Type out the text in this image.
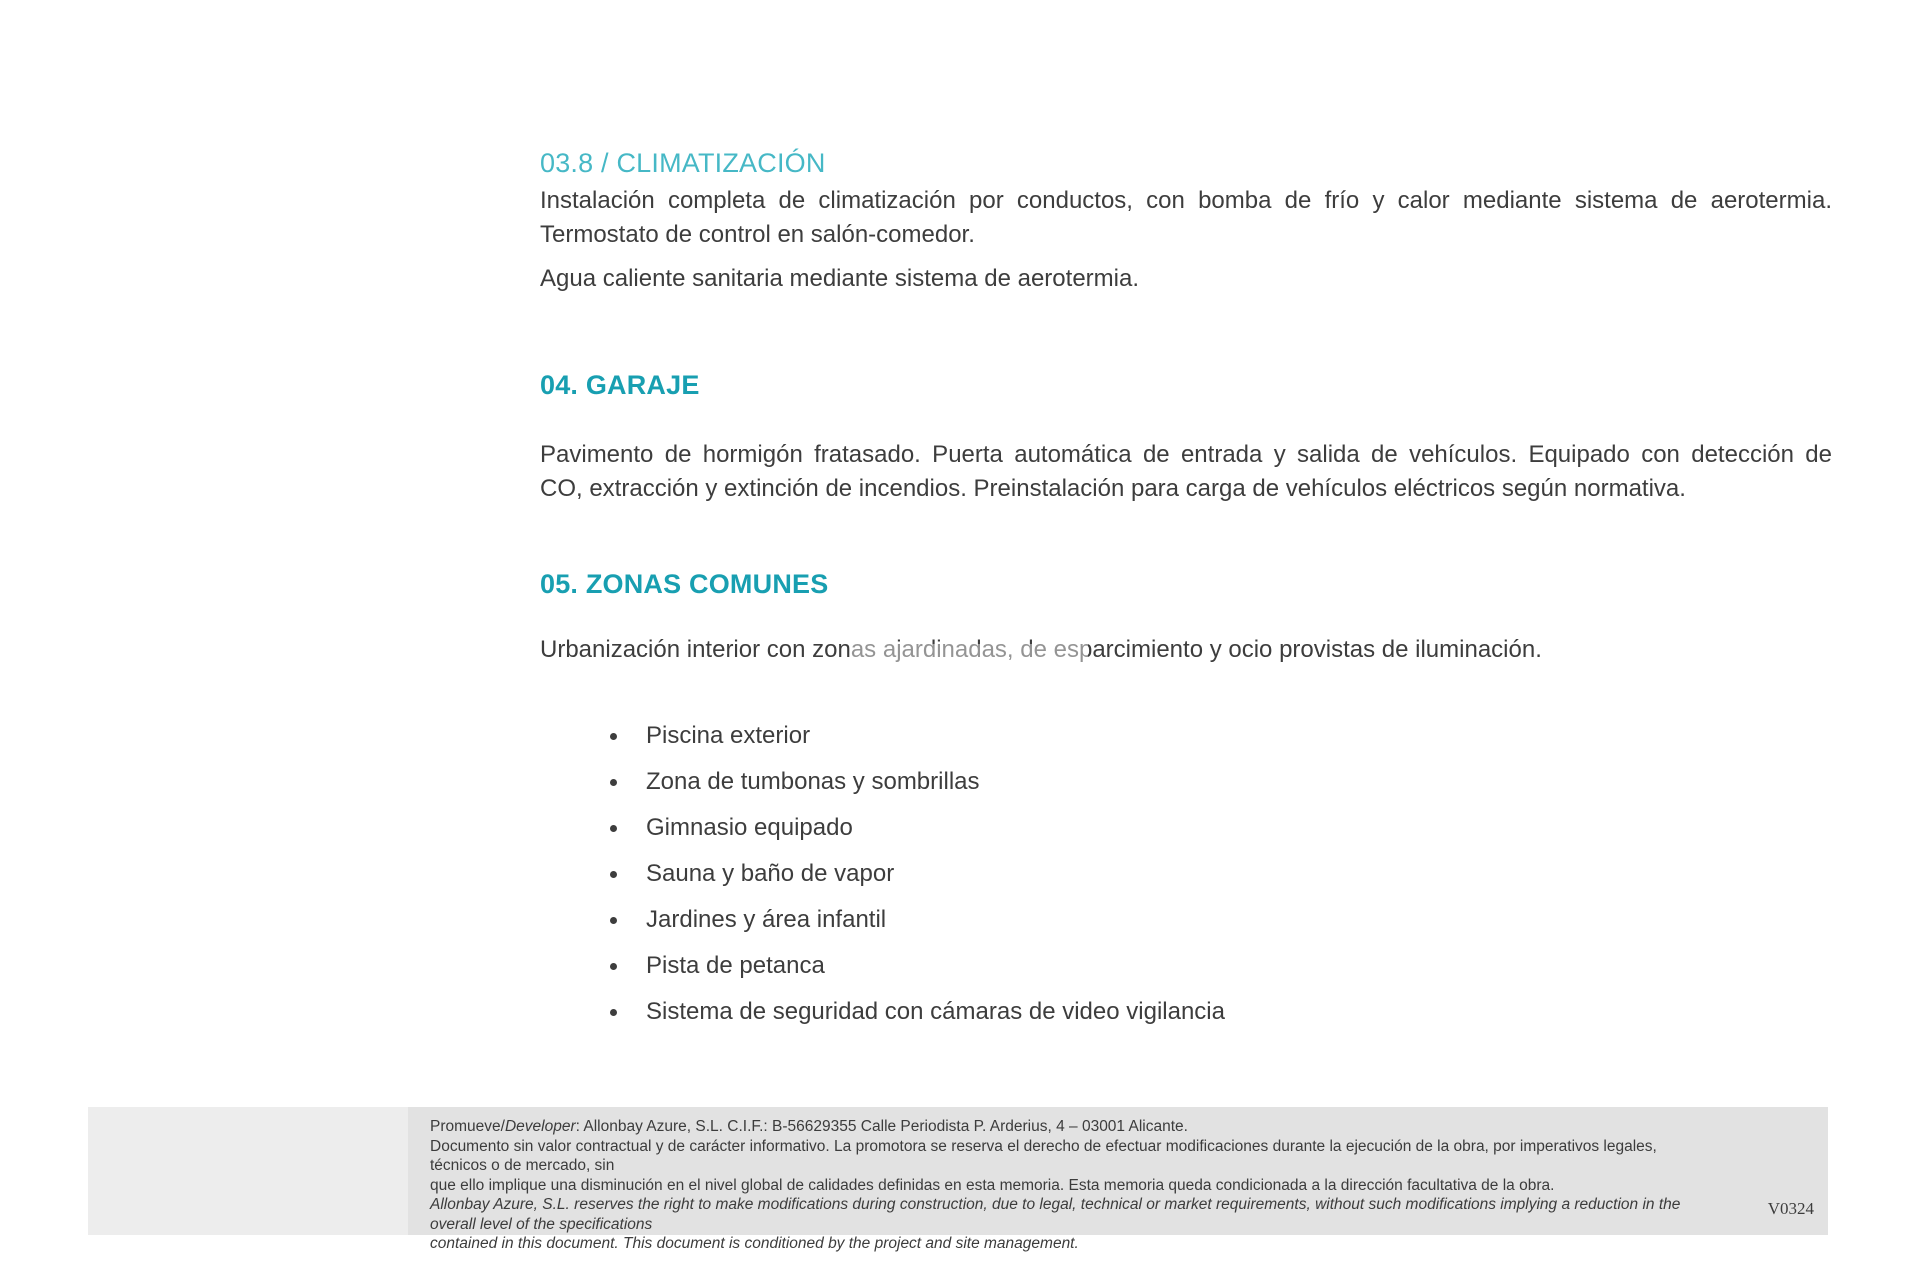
03.8 / CLIMATIZACIÓN
Instalación completa de climatización por conductos, con bomba de frío y calor mediante sistema de aerotermia.
Termostato de control en salón-comedor.
Agua caliente sanitaria mediante sistema de aerotermia.
04. GARAJE
Pavimento de hormigón fratasado. Puerta automática de entrada y salida de vehículos. Equipado con detección de
CO, extracción y extinción de incendios. Preinstalación para carga de vehículos eléctricos según normativa.
05. ZONAS COMUNES
Urbanización interior con zonas ajardinadas, de esparcimiento y ocio provistas de iluminación.
Piscina exterior
Zona de tumbonas y sombrillas
Gimnasio equipado
Sauna y baño de vapor
Jardines y área infantil
Pista de petanca
Sistema de seguridad con cámaras de video vigilancia
Promueve/Developer: Allonbay Azure, S.L. C.I.F.: B-56629355 Calle Periodista P. Arderius, 4 – 03001 Alicante.
Documento sin valor contractual y de carácter informativo. La promotora se reserva el derecho de efectuar modificaciones durante la ejecución de la obra, por imperativos legales, técnicos o de mercado, sin
que ello implique una disminución en el nivel global de calidades definidas en esta memoria. Esta memoria queda condicionada a la dirección facultativa de la obra.
Allonbay Azure, S.L. reserves the right to make modifications during construction, due to legal, technical or market requirements, without such modifications implying a reduction in the overall level of the specifications
contained in this document. This document is conditioned by the project and site management.
V0324
